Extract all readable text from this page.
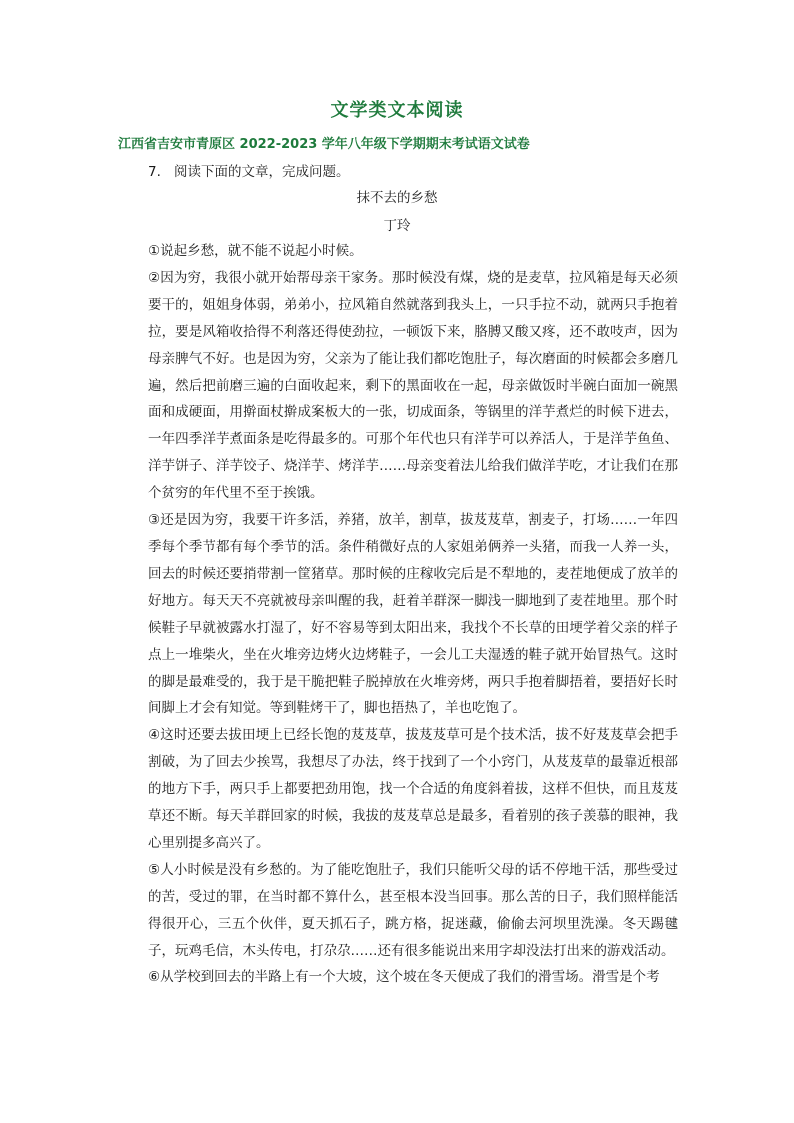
文学类文本阅读
江西省吉安市青原区 2022-2023 学年八年级下学期期末考试语文试卷
7. 阅读下面的文章，完成问题。
抹不去的乡愁
丁玲

①说起乡愁，就不能不说起小时候。

②因为穷，我很小就开始帮母亲干家务。那时候没有煤，烧的是麦草，拉风箱是每天必须要干的，姐姐身体弱，弟弟小，拉风箱自然就落到我头上，一只手拉不动，就两只手抱着拉，要是风箱收拾得不利落还得使劲拉，一顿饭下来，胳膊又酸又疼，还不敢吱声，因为母亲脾气不好。也是因为穷，父亲为了能让我们都吃饱肚子，每次磨面的时候都会多磨几遍，然后把前磨三遍的白面收起来，剩下的黑面收在一起，母亲做饭时半碗白面加一碗黑面和成硬面，用擀面杖擀成案板大的一张，切成面条，等锅里的洋芋煮烂的时候下进去，一年四季洋芋煮面条是吃得最多的。可那个年代也只有洋芋可以养活人，于是洋芋鱼鱼、洋芋饼子、洋芋饺子、烧洋芋、烤洋芋……母亲变着法儿给我们做洋芋吃，才让我们在那个贫穷的年代里不至于挨饿。

③还是因为穷，我要干许多活，养猪，放羊，割草，拔芨芨草，割麦子，打场……一年四季每个季节都有每个季节的活。条件稍微好点的人家姐弟俩养一头猪，而我一人养一头，回去的时候还要捎带割一筐猪草。那时候的庄稼收完后是不犁地的，麦茬地便成了放羊的好地方。每天天不亮就被母亲叫醒的我，赶着羊群深一脚浅一脚地到了麦茬地里。那个时候鞋子早就被露水打湿了，好不容易等到太阳出来，我找个不长草的田埂学着父亲的样子点上一堆柴火，坐在火堆旁边烤火边烤鞋子，一会儿工夫湿透的鞋子就开始冒热气。这时的脚是最难受的，我于是干脆把鞋子脱掉放在火堆旁烤，两只手抱着脚捂着，要捂好长时间脚上才会有知觉。等到鞋烤干了，脚也捂热了，羊也吃饱了。

④这时还要去拔田埂上已经长饱的芨芨草，拔芨芨草可是个技术活，拔不好芨芨草会把手割破，为了回去少挨骂，我想尽了办法，终于找到了一个小窍门，从芨芨草的最靠近根部的地方下手，两只手上都要把劲用饱，找一个合适的角度斜着拔，这样不但快，而且芨芨草还不断。每天羊群回家的时候，我拔的芨芨草总是最多，看着别的孩子羡慕的眼神，我心里别提多高兴了。

⑤人小时候是没有乡愁的。为了能吃饱肚子，我们只能听父母的话不停地干活，那些受过的苦，受过的罪，在当时都不算什么，甚至根本没当回事。那么苦的日子，我们照样能活得很开心，三五个伙伴，夏天抓石子，跳方格，捉迷藏，偷偷去河坝里洗澡。冬天踢毽子，玩鸡毛信，木头传电，打尕尕……还有很多能说出来用字却没法打出来的游戏活动。

⑥从学校到回去的半路上有一个大坡，这个坡在冬天便成了我们的滑雪场。滑雪是个考
